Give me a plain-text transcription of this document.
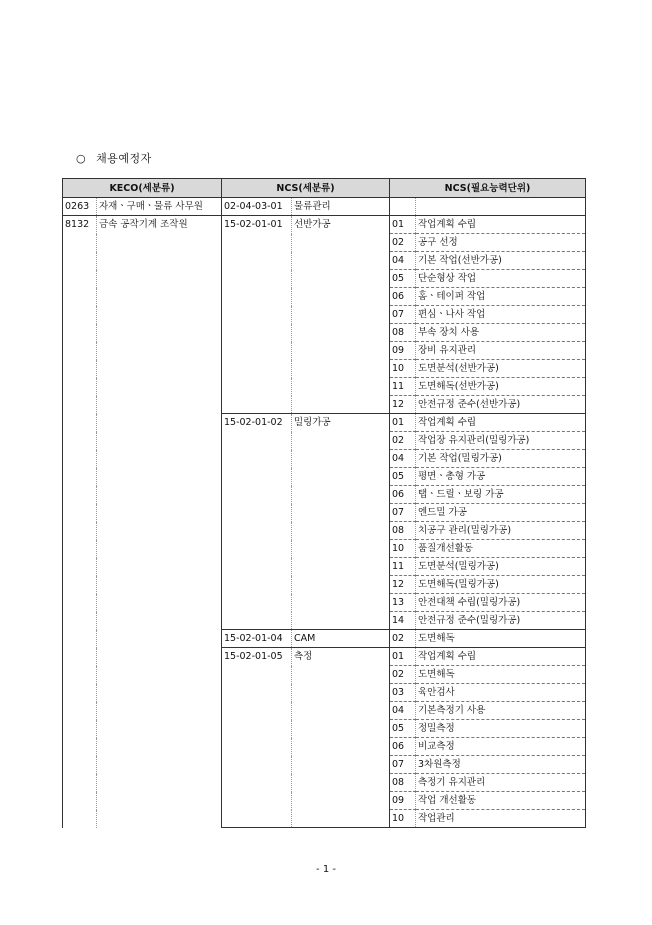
○ 채용예정자
KECO(세분류)		NCS(세분류)		NCS(필요능력단위)	
0263	자재ㆍ구매ㆍ물류 사무원	02-04-03-01	물류관리		
8132	금속 공작기계 조작원	15-02-01-01	선반가공	01	작업계획 수립
				02	공구 선정
				04	기본 작업(선반가공)
				05	단순형상 작업
				06	홈ㆍ테이퍼 작업
				07	편심ㆍ나사 작업
				08	부속 장치 사용
				09	장비 유지관리
				10	도면분석(선반가공)
				11	도면해독(선반가공)
				12	안전규정 준수(선반가공)
		15-02-01-02	밀링가공	01	작업계획 수립
				02	작업장 유지관리(밀링가공)
				04	기본 작업(밀링가공)
				05	평면ㆍ총형 가공
				06	탭ㆍ드릴ㆍ보링 가공
				07	엔드밀 가공
				08	치공구 관리(밀링가공)
				10	품질개선활동
				11	도면분석(밀링가공)
				12	도면해독(밀링가공)
				13	안전대책 수립(밀링가공)
				14	안전규정 준수(밀링가공)
		15-02-01-04	CAM	02	도면해독
		15-02-01-05	측정	01	작업계획 수립
				02	도면해독
				03	육안검사
				04	기본측정기 사용
				05	정밀측정
				06	비교측정
				07	3차원측정
				08	측정기 유지관리
				09	작업 개선활동
				10	작업관리
- 1 -
